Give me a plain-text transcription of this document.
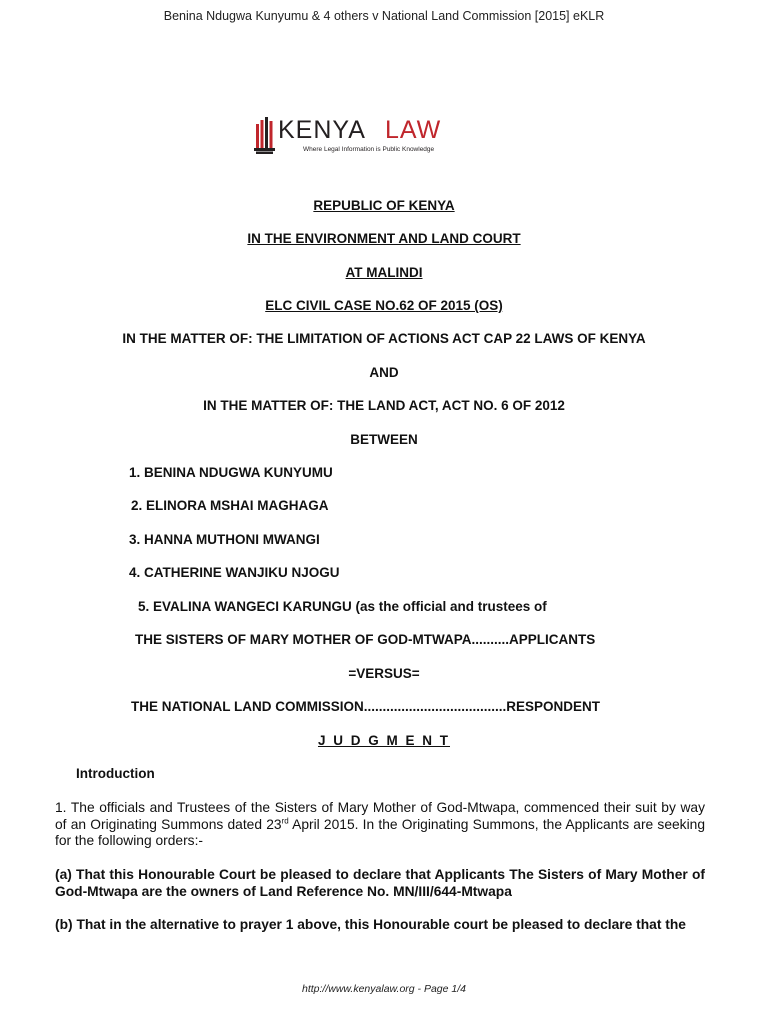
Benina Ndugwa Kunyumu & 4 others v National Land Commission [2015] eKLR
KENYA LAW
Where Legal Information is Public Knowledge
REPUBLIC OF KENYA
IN THE ENVIRONMENT AND LAND COURT
AT MALINDI
ELC CIVIL CASE NO.62 OF 2015 (OS)
IN THE MATTER OF: THE LIMITATION OF ACTIONS ACT CAP 22 LAWS OF KENYA
AND
IN THE MATTER OF: THE LAND ACT, ACT NO. 6 OF 2012
BETWEEN
1. BENINA NDUGWA KUNYUMU
2. ELINORA MSHAI MAGHAGA
3. HANNA MUTHONI MWANGI
4. CATHERINE WANJIKU NJOGU
5. EVALINA WANGECI KARUNGU (as the official and trustees of
THE SISTERS OF MARY MOTHER OF GOD-MTWAPA..........APPLICANTS
=VERSUS=
THE NATIONAL LAND COMMISSION......................................RESPONDENT
J U D G M E N T
Introduction
1. The officials and Trustees of the Sisters of Mary Mother of God-Mtwapa, commenced their suit by way of an Originating Summons dated 23rd April 2015. In the Originating Summons, the Applicants are seeking for the following orders:-
(a) That this Honourable Court be pleased to declare that Applicants The Sisters of Mary Mother of God-Mtwapa are the owners of Land Reference No. MN/III/644-Mtwapa
(b) That in the alternative to prayer 1 above, this Honourable court be pleased to declare that the
http://www.kenyalaw.org - Page 1/4
